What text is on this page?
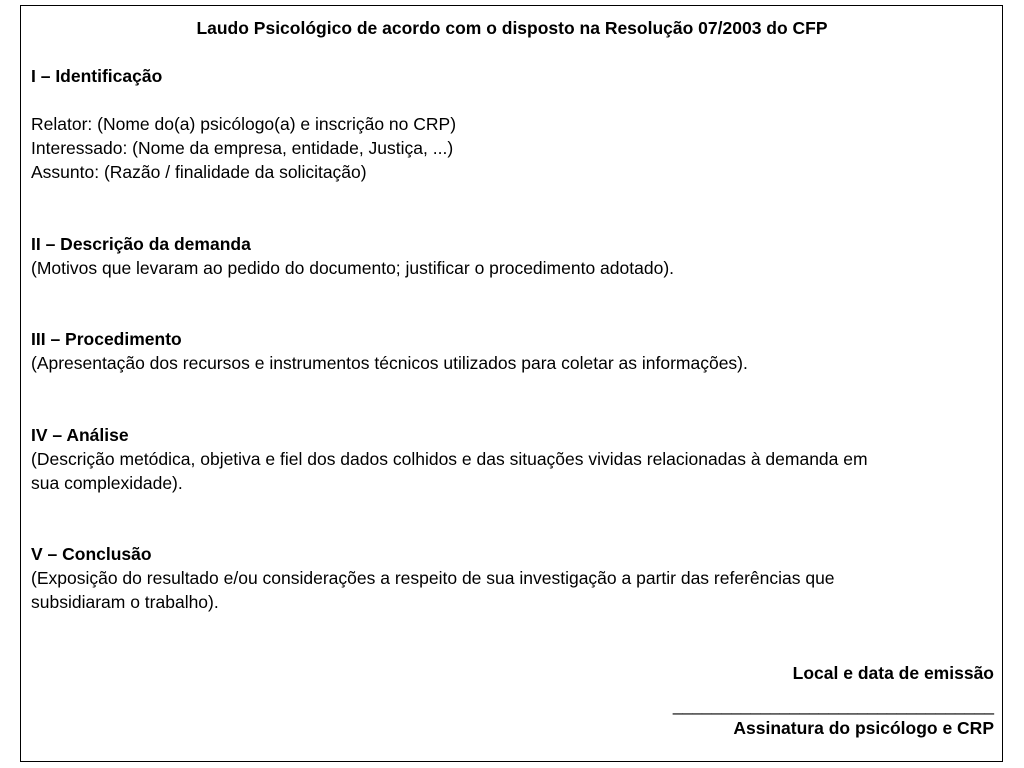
Laudo Psicológico de acordo com o disposto na Resolução 07/2003 do CFP

I – Identificação

Relator: (Nome do(a) psicólogo(a) e inscrição no CRP)

Interessado: (Nome da empresa, entidade, Justiça, ...)

Assunto: (Razão / finalidade da solicitação)

II – Descrição da demanda

(Motivos que levaram ao pedido do documento; justificar o procedimento adotado).

III – Procedimento

(Apresentação dos recursos e instrumentos técnicos utilizados para coletar as informações).

IV – Análise

(Descrição metódica, objetiva e fiel dos dados colhidos e das situações vividas relacionadas à demanda em

sua complexidade).

V – Conclusão

(Exposição do resultado e/ou considerações a respeito de sua investigação a partir das referências que

subsidiaram o trabalho).

Local e data de emissão

_________________________________

Assinatura do psicólogo e CRP
